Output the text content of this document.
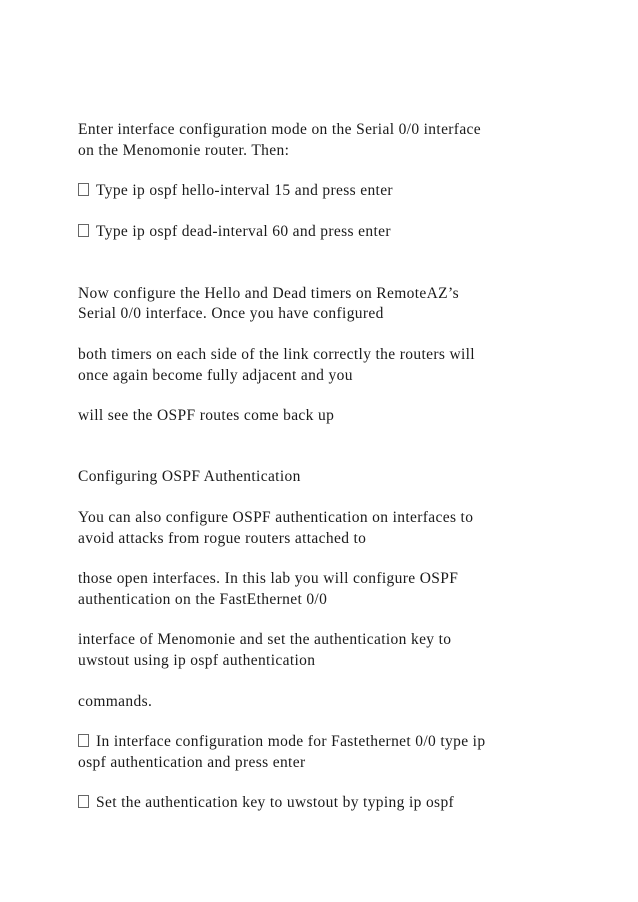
Enter interface configuration mode on the Serial 0/0 interface
on the Menomonie router. Then:
Type ip ospf hello-interval 15 and press enter
Type ip ospf dead-interval 60 and press enter
Now configure the Hello and Dead timers on RemoteAZ’s
Serial 0/0 interface. Once you have configured
both timers on each side of the link correctly the routers will
once again become fully adjacent and you
will see the OSPF routes come back up
Configuring OSPF Authentication
You can also configure OSPF authentication on interfaces to
avoid attacks from rogue routers attached to
those open interfaces. In this lab you will configure OSPF
authentication on the FastEthernet 0/0
interface of Menomonie and set the authentication key to
uwstout using ip ospf authentication
commands.
In interface configuration mode for Fastethernet 0/0 type ip
ospf authentication and press enter
Set the authentication key to uwstout by typing ip ospf
